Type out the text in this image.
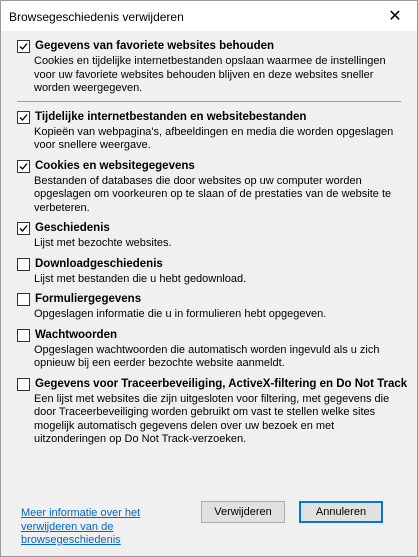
Browsegeschiedenis verwijderen	✕
Gegevens van favoriete websites behouden
Cookies en tijdelijke internetbestanden opslaan waarmee de instellingen voor uw favoriete websites behouden blijven en deze websites sneller worden weergegeven.
Tijdelijke internetbestanden en websitebestanden
Kopieën van webpagina's, afbeeldingen en media die worden opgeslagen voor snellere weergave.
Cookies en websitegegevens
Bestanden of databases die door websites op uw computer worden opgeslagen om voorkeuren op te slaan of de prestaties van de website te verbeteren.
Geschiedenis
Lijst met bezochte websites.
Downloadgeschiedenis
Lijst met bestanden die u hebt gedownload.
Formuliergegevens
Opgeslagen informatie die u in formulieren hebt opgegeven.
Wachtwoorden
Opgeslagen wachtwoorden die automatisch worden ingevuld als u zich opnieuw bij een eerder bezochte website aanmeldt.
Gegevens voor Traceerbeveiliging, ActiveX-filtering en Do Not Track
Een lijst met websites die zijn uitgesloten voor filtering, met gegevens die door Traceerbeveiliging worden gebruikt om vast te stellen welke sites mogelijk automatisch gegevens delen over uw bezoek en met uitzonderingen op Do Not Track-verzoeken.
Meer informatie over het verwijderen van de browsegeschiedenis
Verwijderen	Annuleren
